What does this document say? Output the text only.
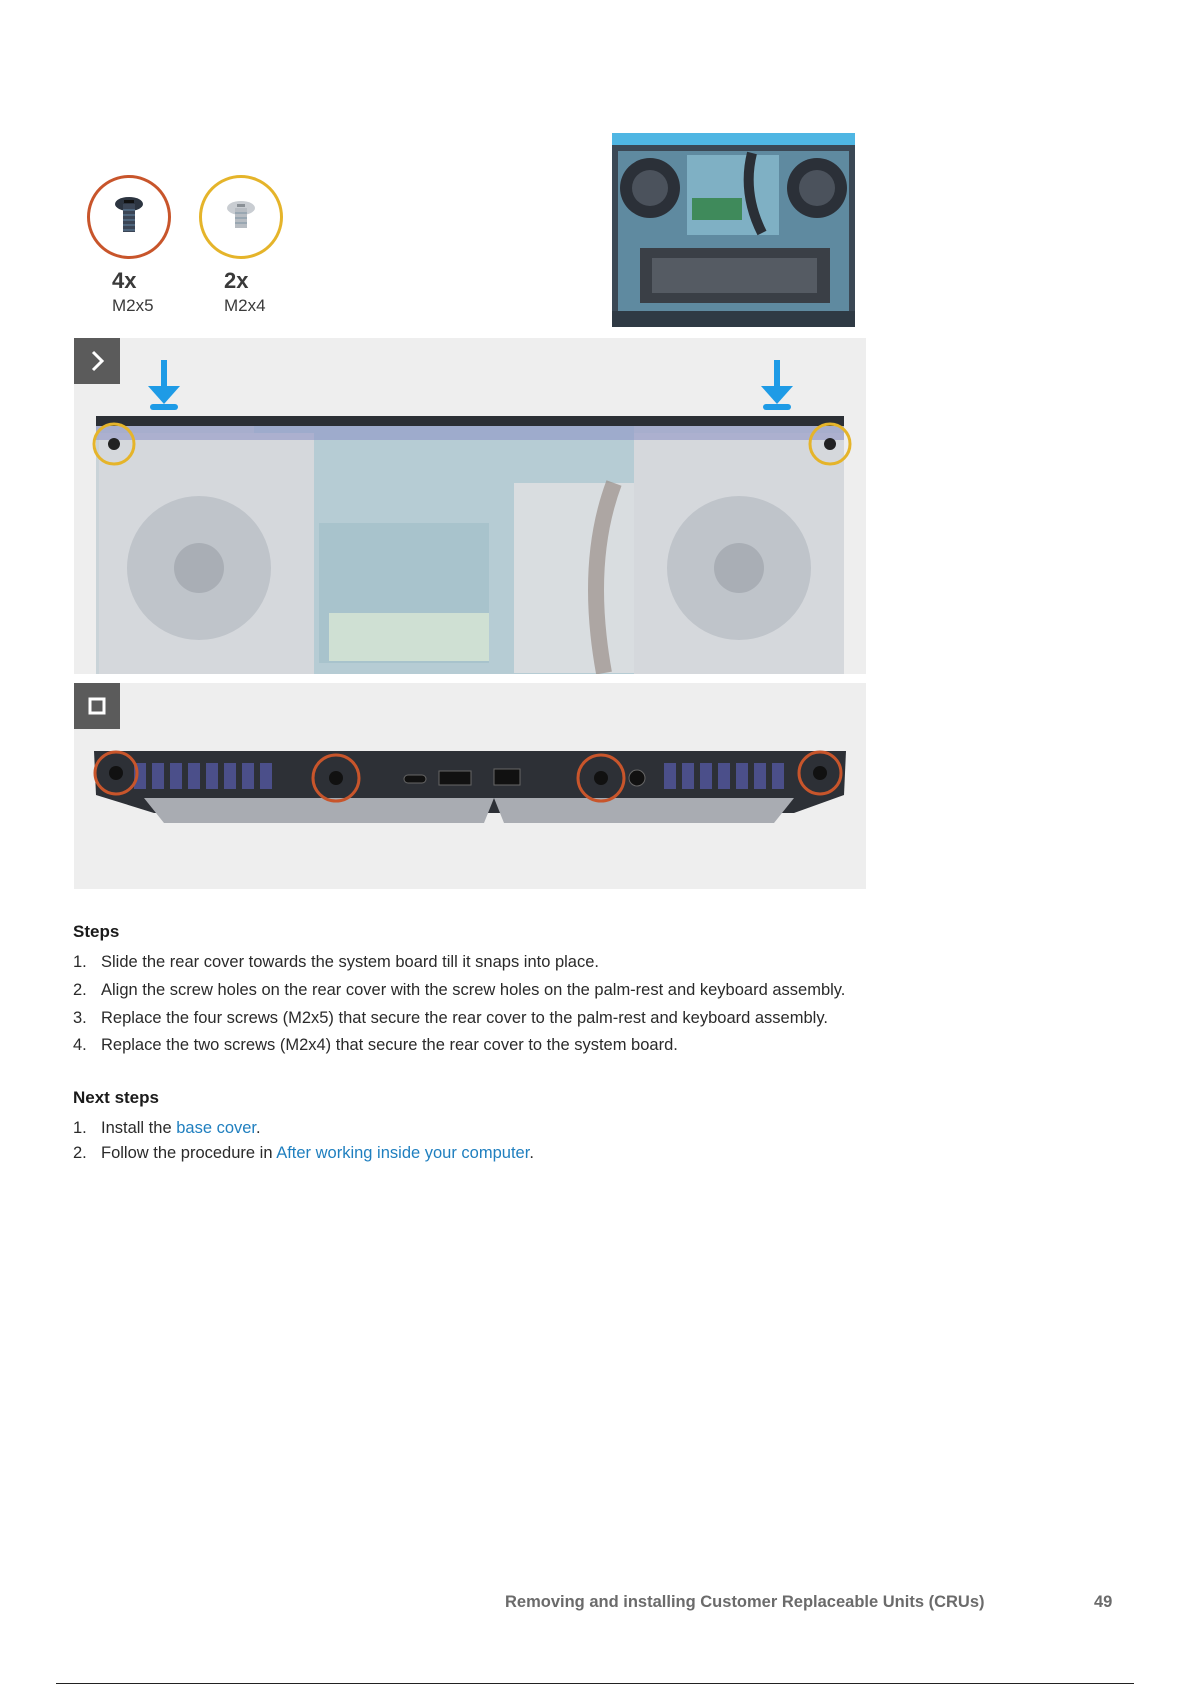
4x
M2x5
2x
M2x4
Steps
1. Slide the rear cover towards the system board till it snaps into place.
2. Align the screw holes on the rear cover with the screw holes on the palm-rest and keyboard assembly.
3. Replace the four screws (M2x5) that secure the rear cover to the palm-rest and keyboard assembly.
4. Replace the two screws (M2x4) that secure the rear cover to the system board.
Next steps
1. Install the base cover.
2. Follow the procedure in After working inside your computer.
Removing and installing Customer Replaceable Units (CRUs)	49
